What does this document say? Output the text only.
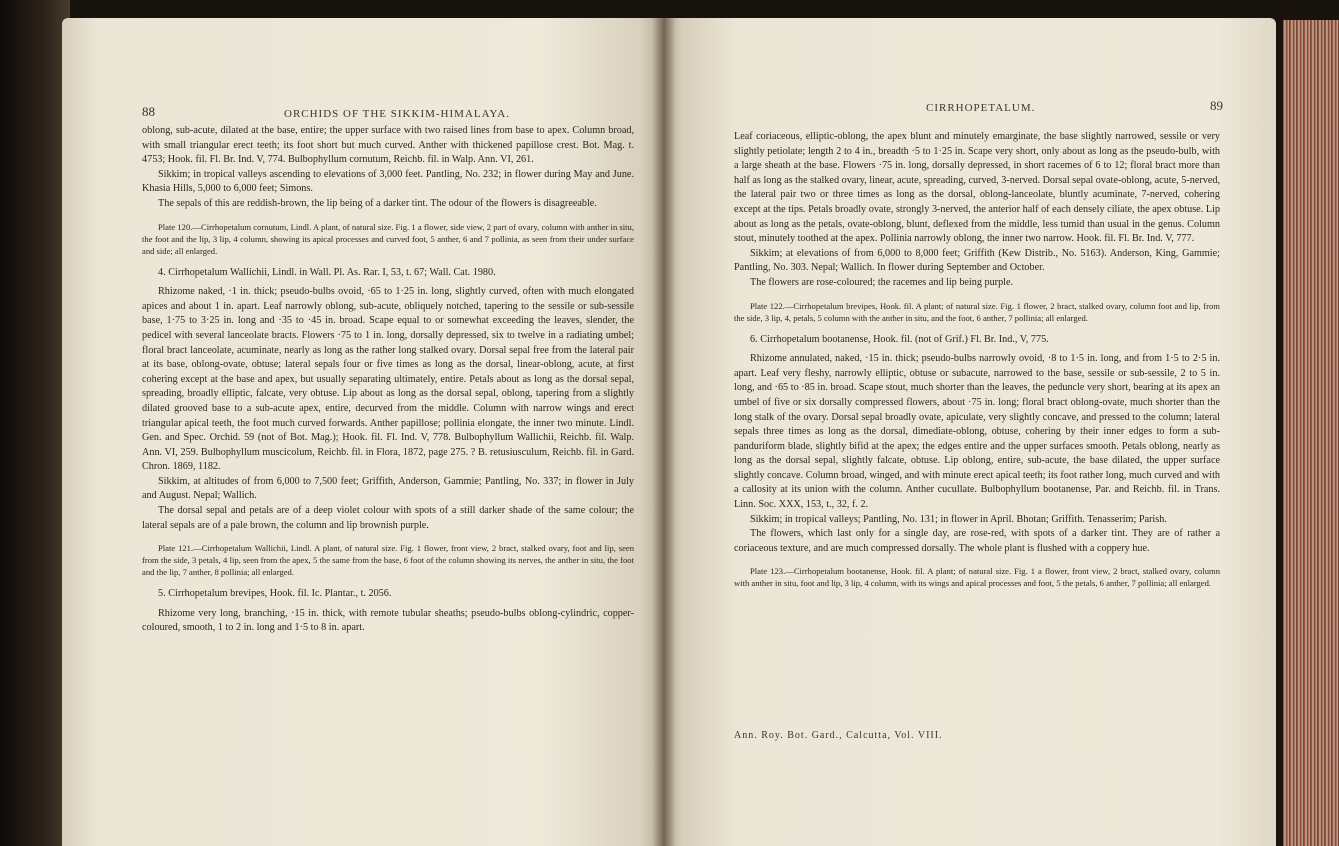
88	ORCHIDS OF THE SIKKIM-HIMALAYA.

oblong, sub-acute, dilated at the base, entire; the upper surface with two raised lines from base to apex. Column broad, with small triangular erect teeth; its foot short but much curved. Anther with thickened papillose crest. Bot. Mag. t. 4753; Hook. fil. Fl. Br. Ind. V, 774. Bulbophyllum cornutum, Reichb. fil. in Walp. Ann. VI, 261.

Sikkim; in tropical valleys ascending to elevations of 3,000 feet. Pantling, No. 232; in flower during May and June. Khasia Hills, 5,000 to 6,000 feet; Simons.

The sepals of this are reddish-brown, the lip being of a darker tint. The odour of the flowers is disagreeable.

Plate 120.—Cirrhopetalum cornutum, Lindl. A plant, of natural size. Fig. 1 a flower, side view, 2 part of ovary, column with anther in situ, the foot and the lip, 3 lip, 4 column, showing its apical processes and curved foot, 5 anther, 6 and 7 pollinia, as seen from their under surface and side; all enlarged.

4. Cirrhopetalum Wallichii, Lindl. in Wall. Pl. As. Rar. I, 53, t. 67; Wall. Cat. 1980.

Rhizome naked, ·1 in. thick; pseudo-bulbs ovoid, ·65 to 1·25 in. long, slightly curved, often with much elongated apices and about 1 in. apart. Leaf narrowly oblong, sub-acute, obliquely notched, tapering to the sessile or sub-sessile base, 1·75 to 3·25 in. long and ·35 to ·45 in. broad. Scape equal to or somewhat exceeding the leaves, slender, the pedicel with several lanceolate bracts. Flowers ·75 to 1 in. long, dorsally depressed, six to twelve in a radiating umbel; floral bract lanceolate, acuminate, nearly as long as the rather long stalked ovary. Dorsal sepal free from the lateral pair at its base, oblong-ovate, obtuse; lateral sepals four or five times as long as the dorsal, linear-oblong, acute, at first cohering except at the base and apex, but usually separating ultimately, entire. Petals about as long as the dorsal sepal, spreading, broadly elliptic, falcate, very obtuse. Lip about as long as the dorsal sepal, oblong, tapering from a slightly dilated grooved base to a sub-acute apex, entire, decurved from the middle. Column with narrow wings and erect triangular apical teeth, the foot much curved forwards. Anther papillose; pollinia elongate, the inner two minute. Lindl. Gen. and Spec. Orchid. 59 (not of Bot. Mag.); Hook. fil. Fl. Ind. V, 778. Bulbophyllum Wallichii, Reichb. fil. Walp. Ann. VI, 259. Bulbophyllum muscicolum, Reichb. fil. in Flora, 1872, page 275. ? B. retusiusculum, Reichb. fil. in Gard. Chron. 1869, 1182.

Sikkim, at altitudes of from 6,000 to 7,500 feet; Griffith, Anderson, Gammie; Pantling, No. 337; in flower in July and August. Nepal; Wallich.

The dorsal sepal and petals are of a deep violet colour with spots of a still darker shade of the same colour; the lateral sepals are of a pale brown, the column and lip brownish purple.

Plate 121.—Cirrhopetalum Wallichii, Lindl. A plant, of natural size. Fig. 1 flower, front view, 2 bract, stalked ovary, foot and lip, seen from the side, 3 petals, 4 lip, seen from the apex, 5 the same from the base, 6 foot of the column showing its nerves, the anther in situ, the foot and the lip, 7 anther, 8 pollinia; all enlarged.

5. Cirrhopetalum brevipes, Hook. fil. Ic. Plantar., t. 2056.

Rhizome very long, branching, ·15 in. thick, with remote tubular sheaths; pseudo-bulbs oblong-cylindric, copper-coloured, smooth, 1 to 2 in. long and 1·5 to 8 in. apart.

CIRRHOPETALUM.	89

Leaf coriaceous, elliptic-oblong, the apex blunt and minutely emarginate, the base slightly narrowed, sessile or very slightly petiolate; length 2 to 4 in., breadth ·5 to 1·25 in. Scape very short, only about as long as the pseudo-bulb, with a large sheath at the base. Flowers ·75 in. long, dorsally depressed, in short racemes of 6 to 12; floral bract more than half as long as the stalked ovary, linear, acute, spreading, curved, 3-nerved. Dorsal sepal ovate-oblong, acute, 5-nerved, the lateral pair two or three times as long as the dorsal, oblong-lanceolate, bluntly acuminate, 7-nerved, cohering except at the tips. Petals broadly ovate, strongly 3-nerved, the anterior half of each densely ciliate, the apex obtuse. Lip about as long as the petals, ovate-oblong, blunt, deflexed from the middle, less tumid than usual in the genus. Column stout, minutely toothed at the apex. Pollinia narrowly oblong, the inner two narrow. Hook. fil. Fl. Br. Ind. V, 777.

Sikkim; at elevations of from 6,000 to 8,000 feet; Griffith (Kew Distrib., No. 5163). Anderson, King, Gammie; Pantling, No. 303. Nepal; Wallich. In flower during September and October.

The flowers are rose-coloured; the racemes and lip being purple.

Plate 122.—Cirrhopetalum brevipes, Hook. fil. A plant; of natural size. Fig. 1 flower, 2 bract, stalked ovary, column foot and lip, from the side, 3 lip, 4, petals, 5 column with the anther in situ, and the foot, 6 anther, 7 pollinia; all enlarged.

6. Cirrhopetalum bootanense, Hook. fil. (not of Grif.) Fl. Br. Ind., V, 775.

Rhizome annulated, naked, ·15 in. thick; pseudo-bulbs narrowly ovoid, ·8 to 1·5 in. long, and from 1·5 to 2·5 in. apart. Leaf very fleshy, narrowly elliptic, obtuse or subacute, narrowed to the base, sessile or sub-sessile, 2 to 5 in. long, and ·65 to ·85 in. broad. Scape stout, much shorter than the leaves, the peduncle very short, bearing at its apex an umbel of five or six dorsally compressed flowers, about ·75 in. long; floral bract oblong-ovate, much shorter than the long stalk of the ovary. Dorsal sepal broadly ovate, apiculate, very slightly concave, and pressed to the column; lateral sepals three times as long as the dorsal, dimediate-oblong, obtuse, cohering by their inner edges to form a sub-panduriform blade, slightly bifid at the apex; the edges entire and the upper surfaces smooth. Petals oblong, nearly as long as the dorsal sepal, slightly falcate, obtuse. Lip oblong, entire, sub-acute, the base dilated, the upper surface slightly concave. Column broad, winged, and with minute erect apical teeth; its foot rather long, much curved and with a callosity at its union with the column. Anther cucullate. Bulbophyllum bootanense, Par. and Reichb. fil. in Trans. Linn. Soc. XXX, 153, t., 32, f. 2.

Sikkim; in tropical valleys; Pantling, No. 131; in flower in April. Bhotan; Griffith. Tenasserim; Parish.

The flowers, which last only for a single day, are rose-red, with spots of a darker tint. They are of rather a coriaceous texture, and are much compressed dorsally. The whole plant is flushed with a coppery hue.

Plate 123.—Cirrhopetalum bootanense, Hook. fil. A plant; of natural size. Fig. 1 a flower, front view, 2 bract, stalked ovary, column with anther in situ, foot and lip, 3 lip, 4 column, with its wings and apical processes and foot, 5 the petals, 6 anther, 7 pollinia; all enlarged.

Ann. Roy. Bot. Gard., Calcutta, Vol. VIII.
